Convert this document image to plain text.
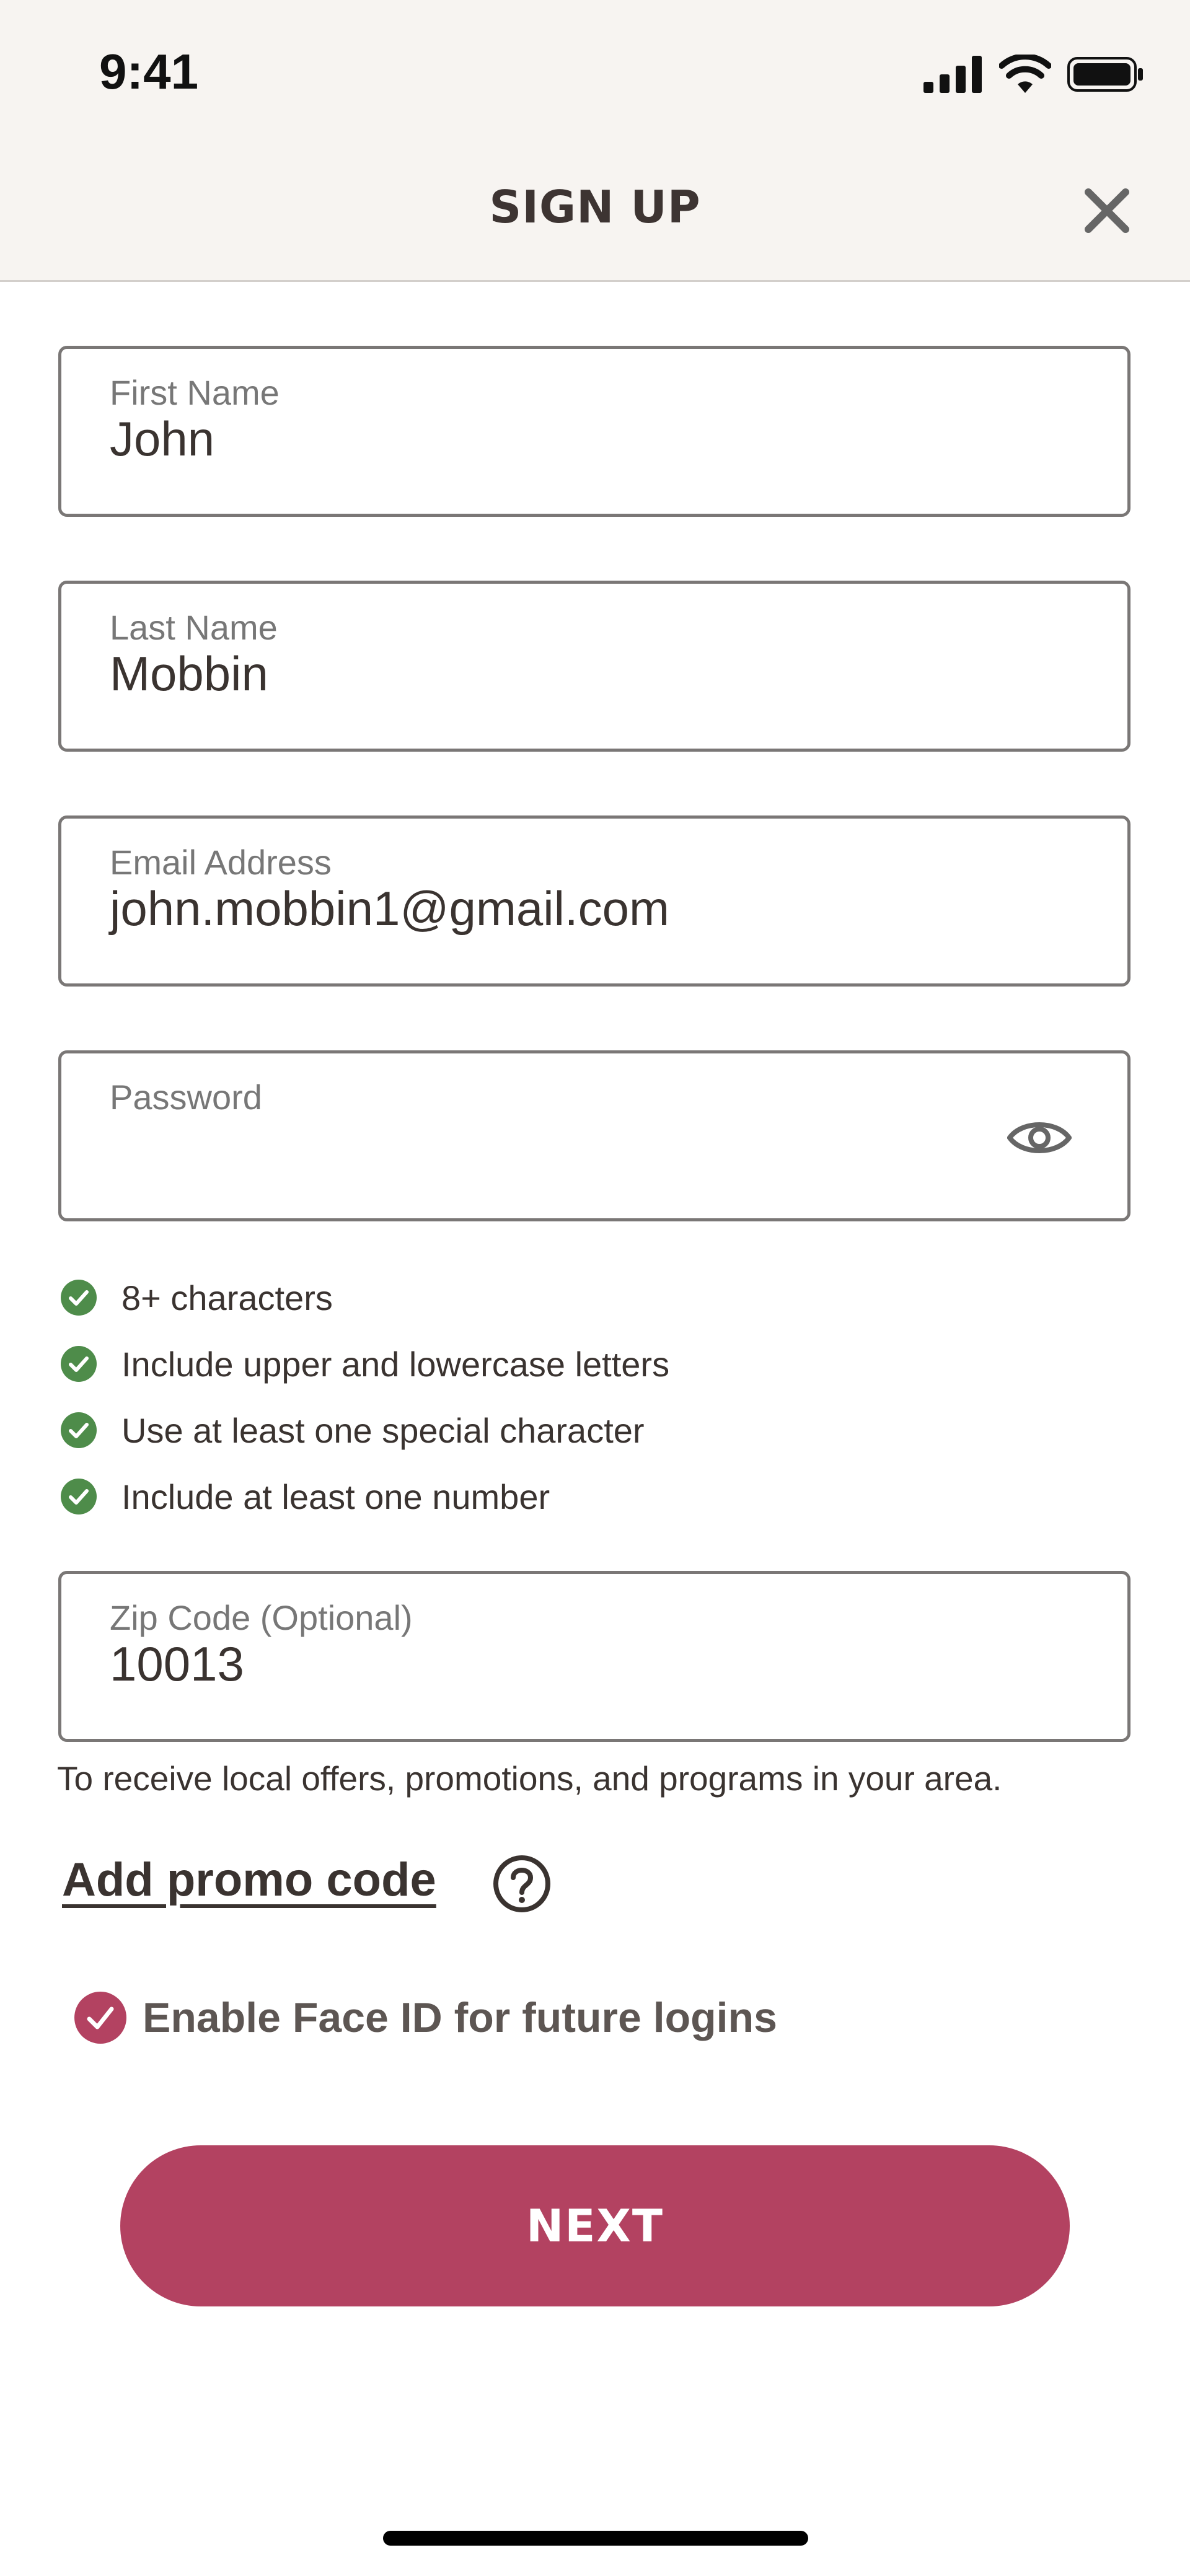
9:41
SIGN UP
First Name
John
Last Name
Mobbin
Email Address
john.mobbin1@gmail.com
Password
8+ characters
Include upper and lowercase letters
Use at least one special character
Include at least one number
Zip Code (Optional)
10013
To receive local offers, promotions, and programs in your area.
Add promo code
Enable Face ID for future logins
NEXT
